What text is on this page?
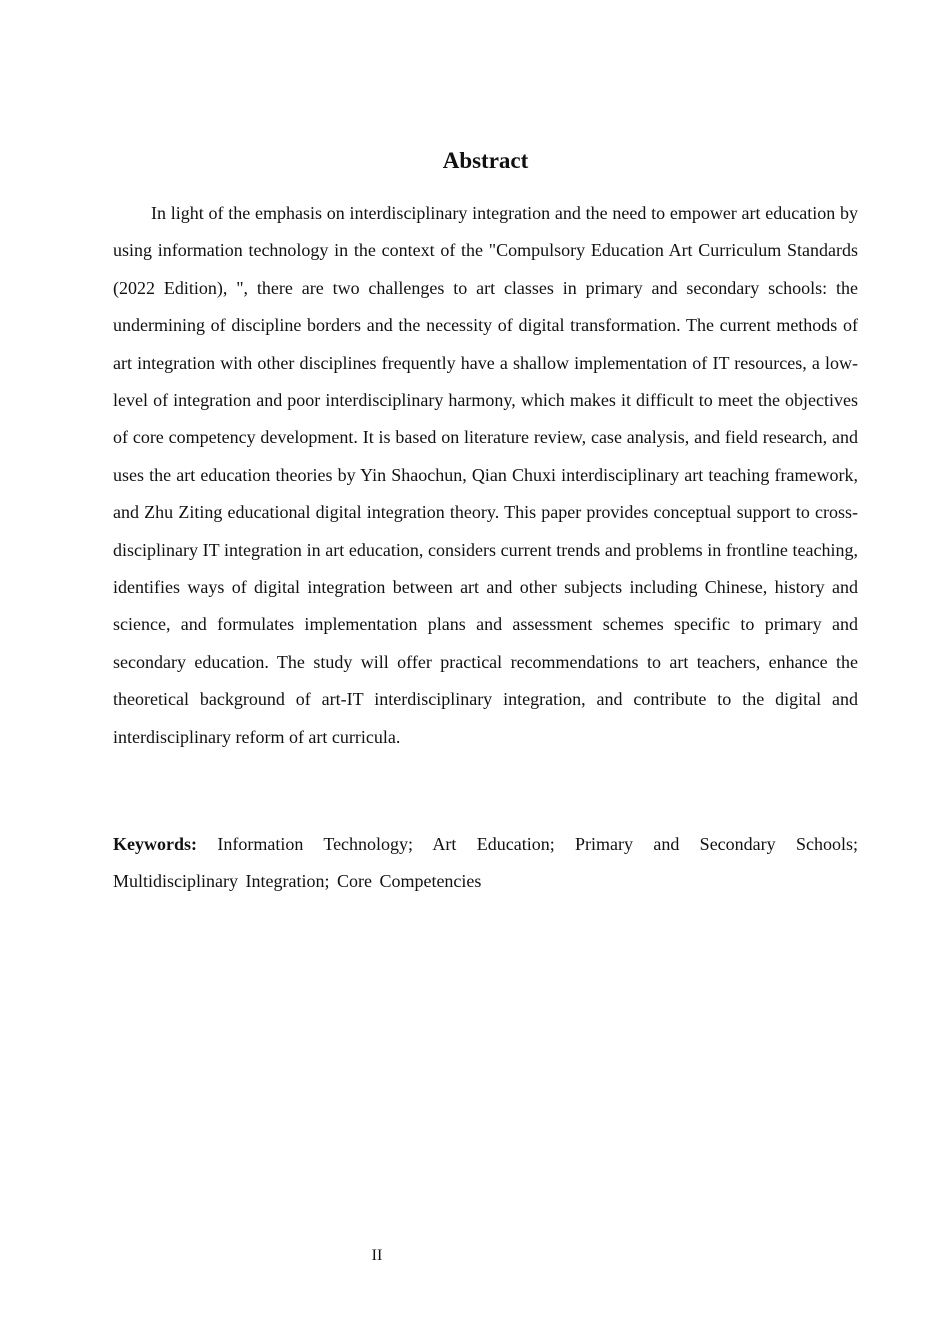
Abstract

In light of the emphasis on interdisciplinary integration and the need to empower art education by using information technology in the context of the "Compulsory Education Art Curriculum Standards (2022 Edition), ", there are two challenges to art classes in primary and secondary schools: the undermining of discipline borders and the necessity of digital transformation. The current methods of art integration with other disciplines frequently have a shallow implementation of IT resources, a low-level of integration and poor interdisciplinary harmony, which makes it difficult to meet the objectives of core competency development. It is based on literature review, case analysis, and field research, and uses the art education theories by Yin Shaochun, Qian Chuxi interdisciplinary art teaching framework, and Zhu Ziting educational digital integration theory. This paper provides conceptual support to cross-disciplinary IT integration in art education, considers current trends and problems in frontline teaching, identifies ways of digital integration between art and other subjects including Chinese, history and science, and formulates implementation plans and assessment schemes specific to primary and secondary education. The study will offer practical recommendations to art teachers, enhance the theoretical background of art-IT interdisciplinary integration, and contribute to the digital and interdisciplinary reform of art curricula.

Keywords: Information Technology; Art Education; Primary and Secondary Schools; Multidisciplinary Integration; Core Competencies

II
